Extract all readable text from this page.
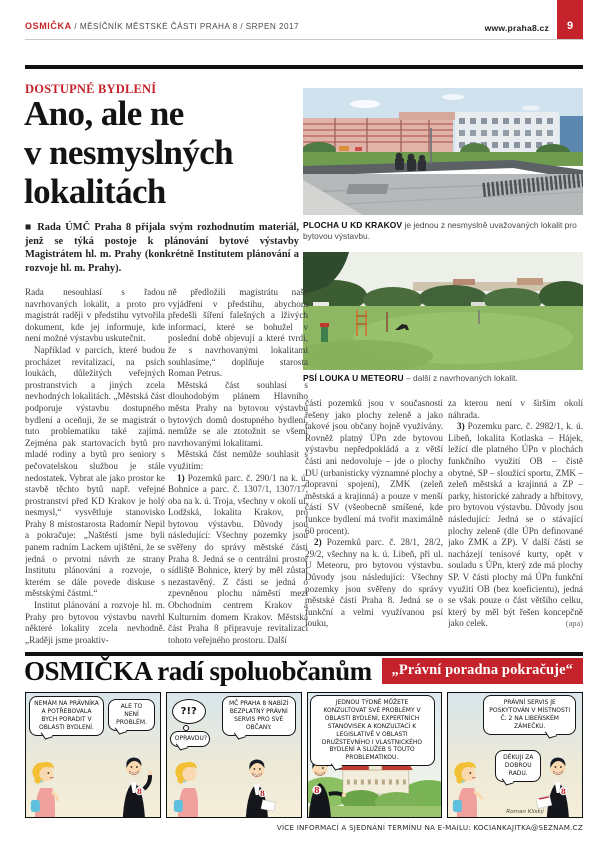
OSMIČKA / MĚSÍČNÍK MĚSTSKÉ ČÁSTI PRAHA 8 / SRPEN 2017	www.praha8.cz 9
DOSTUPNÉ BYDLENÍ
Ano, ale ne
v nesmyslných
lokalitách
■ Rada ÚMČ Praha 8 přijala svým rozhodnutím materiál, jenž se týká postoje k plánování bytové výstavby Magistrátem hl. m. Prahy (konkrétně Institutem plánování a rozvoje hl. m. Prahy).
PLOCHA U KD KRAKOV je jednou z nesmyslně uvažovaných lokalit pro bytovou výstavbu.
PSÍ LOUKA U METEORU – další z navrhovaných lokalit.

Rada nesouhlasí s řadou navrhovaných lokalit, a proto pro magistrát raději v předstihu vytvořila dokument, kde jej informuje, kde není možné výstavbu uskutečnit.

Například v parcích, které budou procházet revitalizací, na psích loukách, důležitých veřejných prostranstvích a jiných zcela nevhodných lokalitách. „Městská část podporuje výstavbu dostupného bydlení a oceňuji, že se magistrát o tuto problematiku také zajímá. Zejména pak startovacích bytů pro mladé rodiny a bytů pro seniory s pečovatelskou službou je stále nedostatek. Vybrat ale jako prostor ke stavbě těchto bytů např. veřejné prostranství před KD Krakov je holý nesmysl,“ vysvětluje stanovisko Prahy 8 místostarosta Radomír Nepil a pokračuje: „Naštěstí jsme byli panem radním Lackem ujištěni, že se jedná o prvotní návrh ze strany Institutu plánování a rozvoje, o kterém se dále povede diskuse s městskými částmi.“

Institut plánování a rozvoje hl. m. Prahy pro bytovou výstavbu navrhl některé lokality zcela nevhodně. „Raději jsme proaktiv-

ně předložili magistrátu naše vyjádření v předstihu, abychom předešli šíření falešných a lživých informací, které se bohužel v poslední době objevují a které tvrdí, že s navrhovanými lokalitami souhlasíme,“ doplňuje starosta Roman Petrus.

Městská část souhlasí s dlouhodobým plánem Hlavního města Prahy na bytovou výstavbu bytových domů dostupného bydlení, nemůže se ale ztotožnit se všemi navrhovanými lokalitami.

Městská část nemůže souhlasit s využitím:

1) Pozemků parc. č. 290/1 na k. ú. Bohnice a parc. č. 1307/1, 1307/17, oba na k. ú. Troja, všechny v okolí ul. Lodžská, lokalita Krakov, pro bytovou výstavbu. Důvody jsou následující: Všechny pozemky jsou svěřeny do správy městské části Praha 8. Jedná se o centrální prostor sídliště Bohnice, který by měl zůstat nezastavěný. Z části se jedná o zpevněnou plochu náměstí mezi Obchodním centrem Krakov a Kulturním domem Krakov. Městská část Praha 8 připravuje revitalizaci tohoto veřejného prostoru. Další

části pozemků jsou v současnosti řešeny jako plochy zeleně a jako takové jsou občany hojně využívány. Rovněž platný ÚPn zde bytovou výstavbu nepředpokládá a z větší části ani nedovoluje – jde o plochy DU (urbanisticky významné plochy a dopravní spojení), ZMK (zeleň městská a krajinná) a pouze v menší části SV (všeobecně smíšené, kde funkce bydlení má tvořit maximálně 60 procent).

2) Pozemků parc. č. 28/1, 28/2, 29/2, všechny na k. ú. Libeň, při ul. U Meteoru, pro bytovou výstavbu. Důvody jsou následující: Všechny pozemky jsou svěřeny do správy městské části Praha 8. Jedná se o funkční a velmi využívanou psí louku,

za kterou není v širším okolí náhrada.

3) Pozemku parc. č. 2982/1, k. ú. Libeň, lokalita Kotlaska – Hájek, ležící dle platného ÚPn v plochách funkčního využití OB – čistě obytné, SP – sloužící sportu, ZMK – zeleň městská a krajinná a ZP – parky, historické zahrady a hřbitovy, pro bytovou výstavbu. Důvody jsou následující: Jedná se o stávající plochy zeleně (dle ÚPn definované jako ZMK a ZP). V další části se nacházejí tenisové kurty, opět v souladu s ÚPn, který zde má plochy SP. V části plochy má ÚPn funkční využití OB (bez koeficientu), jedná se však pouze o část většího celku, který by měl být řešen koncepčně jako celek.	(apa)
OSMIČKA radí spoluobčanům	„Právní poradna pokračuje“
NEMÁM NA PRÁVNÍKA A POTŘEBOVALA BYCH PORADIT V OBLASTI BYDLENÍ.
ALE TO NENÍ PROBLÉM.
8
?!?
OPRAVDU?
MČ PRAHA 8 NABÍZÍ BEZPLATNÝ PRÁVNÍ SERVIS PRO SVÉ OBČANY.
8
JEDNOU TÝDNĚ MŮŽETE KONZULTOVAT SVÉ PROBLÉMY V OBLASTI BYDLENÍ, EXPERTNÍCH STANOVISEK A KONZULTACÍ K LEGISLATIVĚ V OBLASTI DRUŽSTEVNÍHO I VLASTNICKÉHO BYDLENÍ A SLUŽEB S TOUTO PROBLEMATIKOU.
8
PRÁVNÍ SERVIS JE POSKYTOVÁN V MÍSTNOSTI Č. 2 NA LIBEŇSKÉM ZÁMEČKU.
DĚKUJI ZA DOBROU RADU.
Roman Kliský
8
VÍCE INFORMACÍ A SJEDNÁNÍ TERMÍNU NA E-MAILU: KOCIANKAJITKA@SEZNAM.CZ
